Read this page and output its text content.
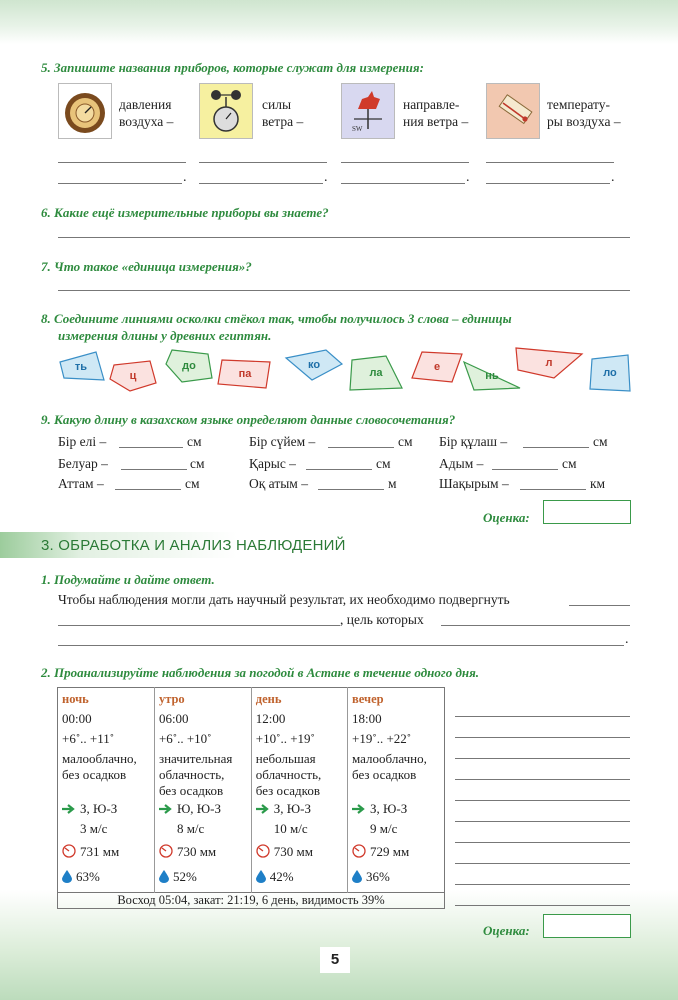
5. Запишите названия приборов, которые служат для измерения:
давления
воздуха –
силы
ветра –	SW
направле-
ния ветра –
температу-
ры воздуха –
.	.	.	.
6. Какие ещё измерительные приборы вы знаете?
7. Что такое «единица измерения»?
8. Соедините линиями осколки стёкол так, чтобы получилось 3 слова – единицы
измерения длины у древних египтян.
ть
ц
до
па
ко
ла	е
нь
л
ло
9. Какую длину в казахском языке определяют данные словосочетания?
Бір елі –	см	Бір сүйем –	см Бір құлаш –	см
Белуар –	см	Қарыс –	см	Адым –	см
Аттам –	см	Оқ атым –	м	Шақырым –	км
Оценка:
3. ОБРАБОТКА И АНАЛИЗ НАБЛЮДЕНИЙ
1. Подумайте и дайте ответ.
Чтобы наблюдения могли дать научный результат, их необходимо подвергнуть
, цель которых
.
2. Проанализируйте наблюдения за погодой в Астане в течение одного дня.
ночь
00:00
+6˚.. +11˚
малооблачно,
без осадков
З, Ю-З
3 м/с
731 мм
63%

утро
06:00
+6˚.. +10˚
значительная
облачность,
без осадков
Ю, Ю-З
8 м/с
730 мм
52%

день
12:00
+10˚.. +19˚
небольшая
облачность,
без осадков
З, Ю-З
10 м/с
730 мм
42%

вечер
18:00
+19˚.. +22˚
малооблачно,
без осадков
З, Ю-З
9 м/с
729 мм
36%

Восход 05:04, закат: 21:19, 6 день, видимость 39%
Оценка:
5
